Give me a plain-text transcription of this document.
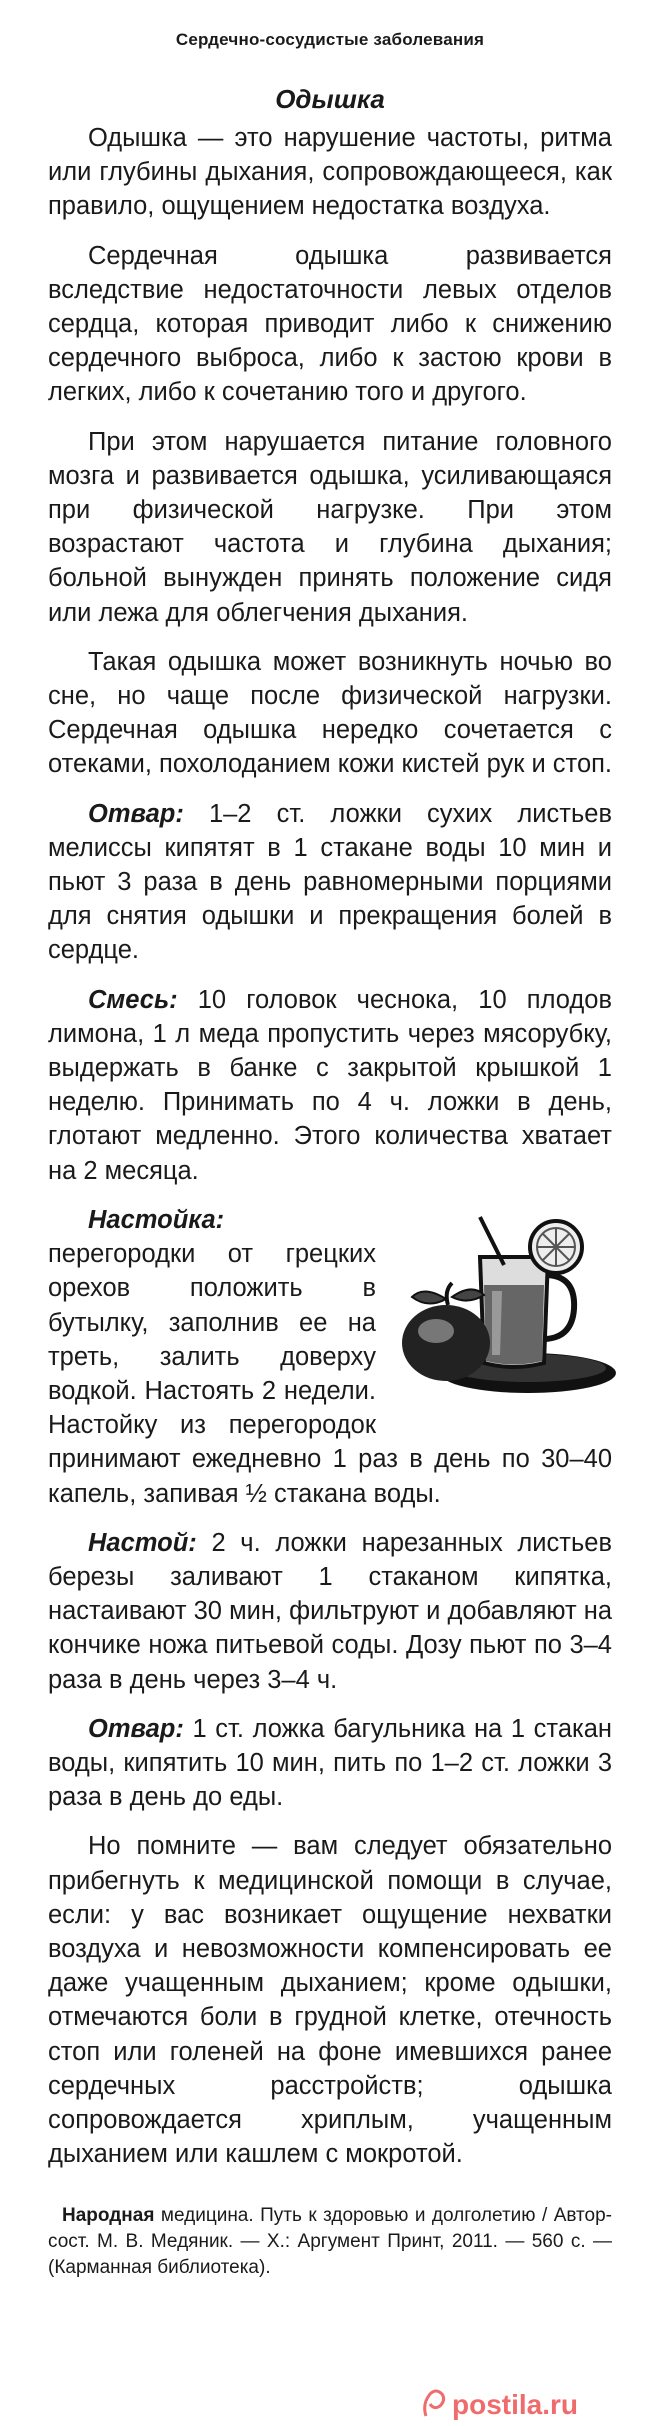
Сердечно-сосудистые заболевания
Одышка

Одышка — это нарушение частоты, ритма или глубины дыхания, сопровождающееся, как правило, ощущением недостатка воздуха.

Сердечная одышка развивается вследствие недостаточности левых отделов сердца, которая приводит либо к снижению сердечного выброса, либо к застою крови в легких, либо к сочетанию того и другого.

При этом нарушается питание головного мозга и развивается одышка, усиливающаяся при физической нагрузке. При этом возрастают частота и глубина дыхания; больной вынужден принять положение сидя или лежа для облегчения дыхания.

Такая одышка может возникнуть ночью во сне, но чаще после физической нагрузки. Сердечная одышка нередко сочетается с отеками, похолоданием кожи кистей рук и стоп.

Отвар: 1–2 ст. ложки сухих листьев мелиссы кипятят в 1 стакане воды 10 мин и пьют 3 раза в день равномерными порциями для снятия одышки и прекращения болей в сердце.

Смесь: 10 головок чеснока, 10 плодов лимона, 1 л меда пропустить через мясорубку, выдержать в банке с закрытой крышкой 1 неделю. Принимать по 4 ч. ложки в день, глотают медленно. Этого количества хватает на 2 месяца.

Настойка: перегородки от грецких орехов положить в бутылку, заполнив ее на треть, залить доверху водкой. Настоять 2 недели. Настойку из перегородок принимают ежедневно 1 раз в день по 30–40 капель, запивая ½ стакана воды.

Настой: 2 ч. ложки нарезанных листьев березы заливают 1 стаканом кипятка, настаивают 30 мин, фильтруют и добавляют на кончике ножа питьевой соды. Дозу пьют по 3–4 раза в день через 3–4 ч.

Отвар: 1 ст. ложка багульника на 1 стакан воды, кипятить 10 мин, пить по 1–2 ст. ложки 3 раза в день до еды.

Но помните — вам следует обязательно прибегнуть к медицинской помощи в случае, если: у вас возникает ощущение нехватки воздуха и невозможности компенсировать ее даже учащенным дыханием; кроме одышки, отмечаются боли в грудной клетке, отечность стоп или голеней на фоне имевшихся ранее сердечных расстройств; одышка сопровождается хриплым, учащенным дыханием или кашлем с мокротой.

Народная медицина. Путь к здоровью и долголетию / Автор-сост. М. В. Медяник. — Х.: Аргумент Принт, 2011. — 560 с. — (Карманная библиотека).
postila.ru
